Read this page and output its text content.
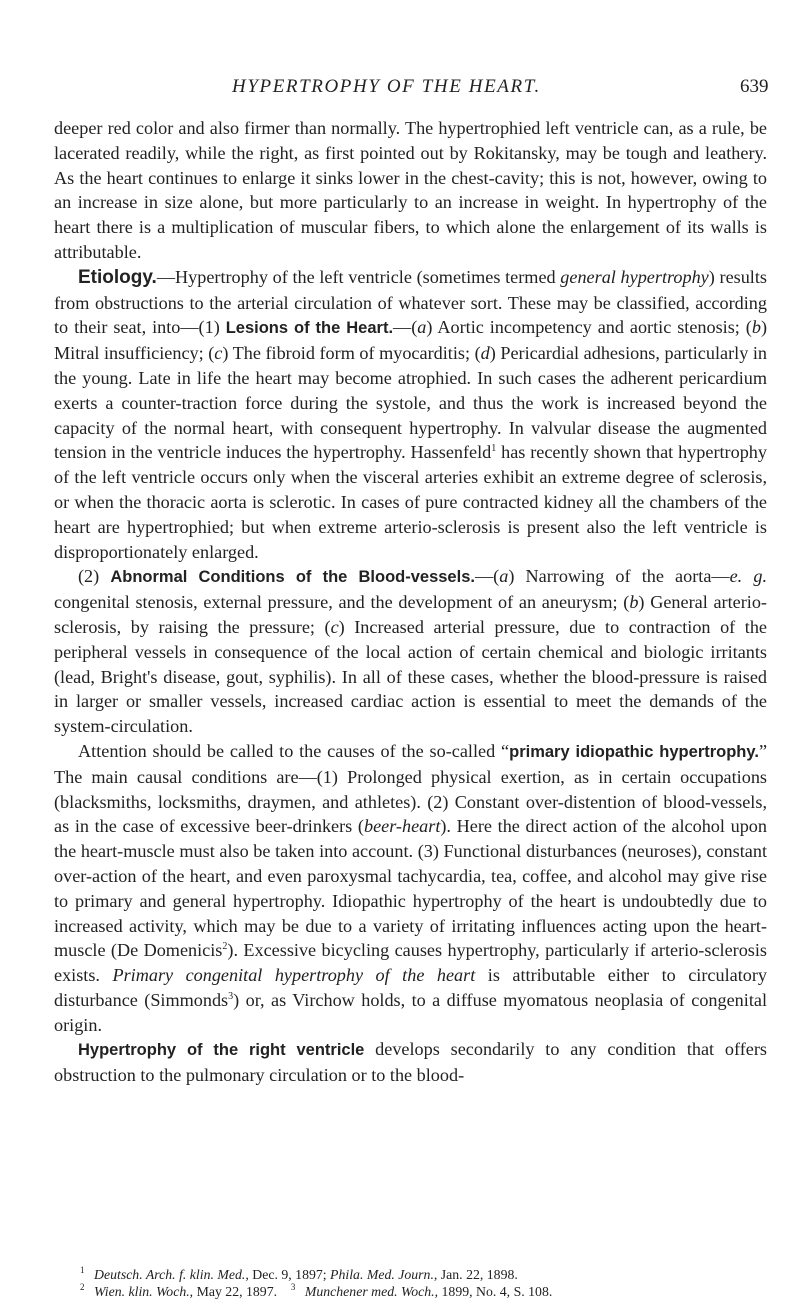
HYPERTROPHY OF THE HEART.	639

deeper red color and also firmer than normally. The hypertrophied left ventricle can, as a rule, be lacerated readily, while the right, as first pointed out by Rokitansky, may be tough and leathery. As the heart continues to enlarge it sinks lower in the chest-cavity; this is not, however, owing to an increase in size alone, but more particularly to an increase in weight. In hypertrophy of the heart there is a multiplication of muscular fibers, to which alone the enlargement of its walls is attributable.

Etiology.—Hypertrophy of the left ventricle (sometimes termed general hypertrophy) results from obstructions to the arterial circulation of whatever sort. These may be classified, according to their seat, into—(1) Lesions of the Heart.—(a) Aortic incompetency and aortic stenosis; (b) Mitral insufficiency; (c) The fibroid form of myocarditis; (d) Pericardial adhesions, particularly in the young. Late in life the heart may become atrophied. In such cases the adherent pericardium exerts a counter-traction force during the systole, and thus the work is increased beyond the capacity of the normal heart, with consequent hypertrophy. In valvular disease the augmented tension in the ventricle induces the hypertrophy. Hassenfeld$^1$ has recently shown that hypertrophy of the left ventricle occurs only when the visceral arteries exhibit an extreme degree of sclerosis, or when the thoracic aorta is sclerotic. In cases of pure contracted kidney all the chambers of the heart are hypertrophied; but when extreme arterio-sclerosis is present also the left ventricle is disproportionately enlarged.

(2) Abnormal Conditions of the Blood-vessels.—(a) Narrowing of the aorta—e. g. congenital stenosis, external pressure, and the development of an aneurysm; (b) General arterio-sclerosis, by raising the pressure; (c) Increased arterial pressure, due to contraction of the peripheral vessels in consequence of the local action of certain chemical and biologic irritants (lead, Bright's disease, gout, syphilis). In all of these cases, whether the blood-pressure is raised in larger or smaller vessels, increased cardiac action is essential to meet the demands of the system-circulation.

Attention should be called to the causes of the so-called “primary idiopathic hypertrophy.” The main causal conditions are—(1) Prolonged physical exertion, as in certain occupations (blacksmiths, locksmiths, draymen, and athletes). (2) Constant over-distention of blood-vessels, as in the case of excessive beer-drinkers (beer-heart). Here the direct action of the alcohol upon the heart-muscle must also be taken into account. (3) Functional disturbances (neuroses), constant over-action of the heart, and even paroxysmal tachycardia, tea, coffee, and alcohol may give rise to primary and general hypertrophy. Idiopathic hypertrophy of the heart is undoubtedly due to increased activity, which may be due to a variety of irritating influences acting upon the heart-muscle (De Domenicis$^2$). Excessive bicycling causes hypertrophy, particularly if arterio-sclerosis exists. Primary congenital hypertrophy of the heart is attributable either to circulatory disturbance (Simmonds$^3$) or, as Virchow holds, to a diffuse myomatous neoplasia of congenital origin.

Hypertrophy of the right ventricle develops secondarily to any condition that offers obstruction to the pulmonary circulation or to the blood-

1 Deutsch. Arch. f. klin. Med., Dec. 9, 1897; Phila. Med. Journ., Jan. 22, 1898.
2 Wien. klin. Woch., May 22, 1897. 3 Munchener med. Woch., 1899, No. 4, S. 108.
